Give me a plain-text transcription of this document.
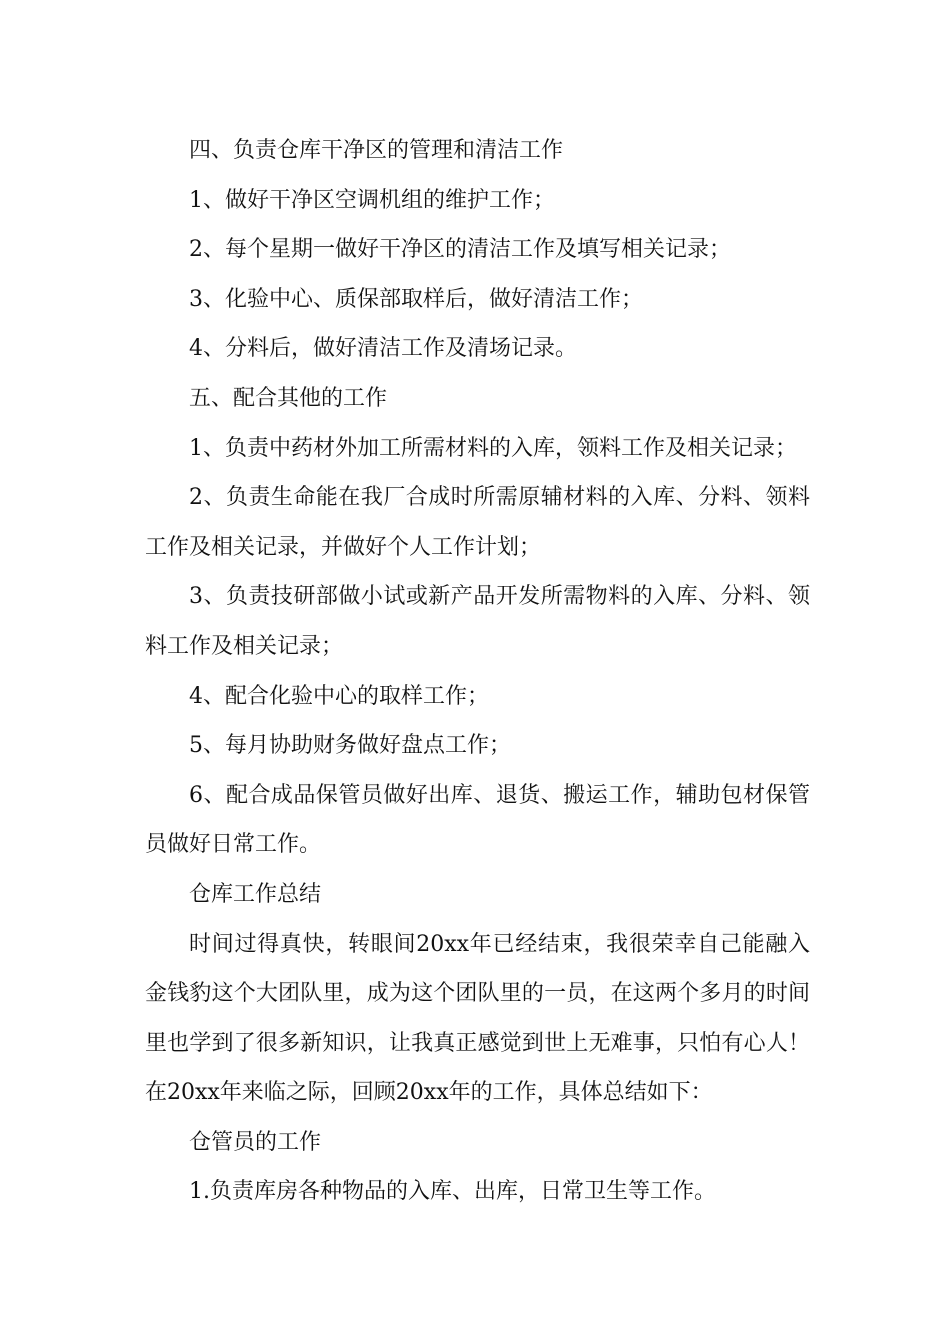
四、负责仓库干净区的管理和清洁工作

1、做好干净区空调机组的维护工作；

2、每个星期一做好干净区的清洁工作及填写相关记录；

3、化验中心、质保部取样后，做好清洁工作；

4、分料后，做好清洁工作及清场记录。

五、配合其他的工作

1、负责中药材外加工所需材料的入库，领料工作及相关记录；

2、负责生命能在我厂合成时所需原辅材料的入库、分料、领料工作及相关记录，并做好个人工作计划；

3、负责技研部做小试或新产品开发所需物料的入库、分料、领料工作及相关记录；

4、配合化验中心的取样工作；

5、每月协助财务做好盘点工作；

6、配合成品保管员做好出库、退货、搬运工作，辅助包材保管员做好日常工作。

仓库工作总结

时间过得真快，转眼间20xx年已经结束，我很荣幸自己能融入金钱豹这个大团队里，成为这个团队里的一员，在这两个多月的时间里也学到了很多新知识，让我真正感觉到世上无难事，只怕有心人！在20xx年来临之际，回顾20xx年的工作，具体总结如下：

仓管员的工作

1.负责库房各种物品的入库、出库，日常卫生等工作。
